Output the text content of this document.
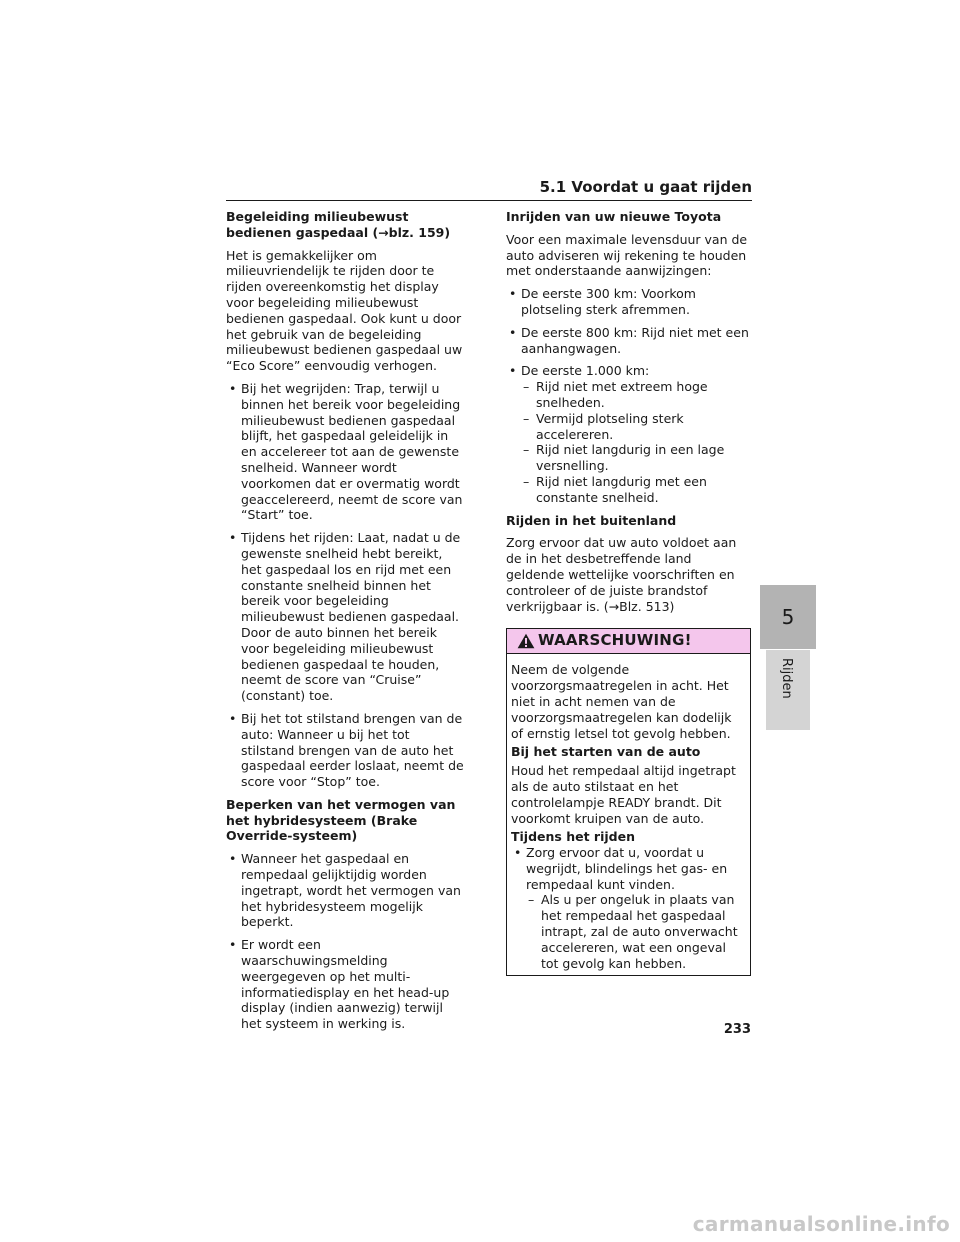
5.1 Voordat u gaat rijden
Begeleiding milieubewust bedienen gaspedaal (→blz. 159)
Het is gemakkelijker om milieuvriendelijk te rijden door te rijden overeenkomstig het display voor begeleiding milieubewust bedienen gaspedaal. Ook kunt u door het gebruik van de begeleiding milieubewust bedienen gaspedaal uw “Eco Score” eenvoudig verhogen.
• Bij het wegrijden: Trap, terwijl u binnen het bereik voor begeleiding milieubewust bedienen gaspedaal blijft, het gaspedaal geleidelijk in en accelereer tot aan de gewenste snelheid. Wanneer wordt voorkomen dat er overmatig wordt geaccelereerd, neemt de score van “Start” toe.
• Tijdens het rijden: Laat, nadat u de gewenste snelheid hebt bereikt, het gaspedaal los en rijd met een constante snelheid binnen het bereik voor begeleiding milieubewust bedienen gaspedaal. Door de auto binnen het bereik voor begeleiding milieubewust bedienen gaspedaal te houden, neemt de score van “Cruise” (constant) toe.
• Bij het tot stilstand brengen van de auto: Wanneer u bij het tot stilstand brengen van de auto het gaspedaal eerder loslaat, neemt de score voor “Stop” toe.
Beperken van het vermogen van het hybridesysteem (Brake Override-systeem)
• Wanneer het gaspedaal en rempedaal gelijktijdig worden ingetrapt, wordt het vermogen van het hybridesysteem mogelijk beperkt.
• Er wordt een waarschuwingsmelding weergegeven op het multi-informatiedisplay en het head-up display (indien aanwezig) terwijl het systeem in werking is.
Inrijden van uw nieuwe Toyota
Voor een maximale levensduur van de auto adviseren wij rekening te houden met onderstaande aanwijzingen:
• De eerste 300 km: Voorkom plotseling sterk afremmen.
• De eerste 800 km: Rijd niet met een aanhangwagen.
• De eerste 1.000 km:
– Rijd niet met extreem hoge snelheden.
– Vermijd plotseling sterk accelereren.
– Rijd niet langdurig in een lage versnelling.
– Rijd niet langdurig met een constante snelheid.
Rijden in het buitenland
Zorg ervoor dat uw auto voldoet aan de in het desbetreffende land geldende wettelijke voorschriften en controleer of de juiste brandstof verkrijgbaar is. (→Blz. 513)
WAARSCHUWING!
Neem de volgende voorzorgsmaatregelen in acht. Het niet in acht nemen van de voorzorgsmaatregelen kan dodelijk of ernstig letsel tot gevolg hebben.
Bij het starten van de auto
Houd het rempedaal altijd ingetrapt als de auto stilstaat en het controlelampje READY brandt. Dit voorkomt kruipen van de auto.
Tijdens het rijden
• Zorg ervoor dat u, voordat u wegrijdt, blindelings het gas- en rempedaal kunt vinden.
– Als u per ongeluk in plaats van het rempedaal het gaspedaal intrapt, zal de auto onverwacht accelereren, wat een ongeval tot gevolg kan hebben.
5
Rijden
233
carmanualsonline.info
